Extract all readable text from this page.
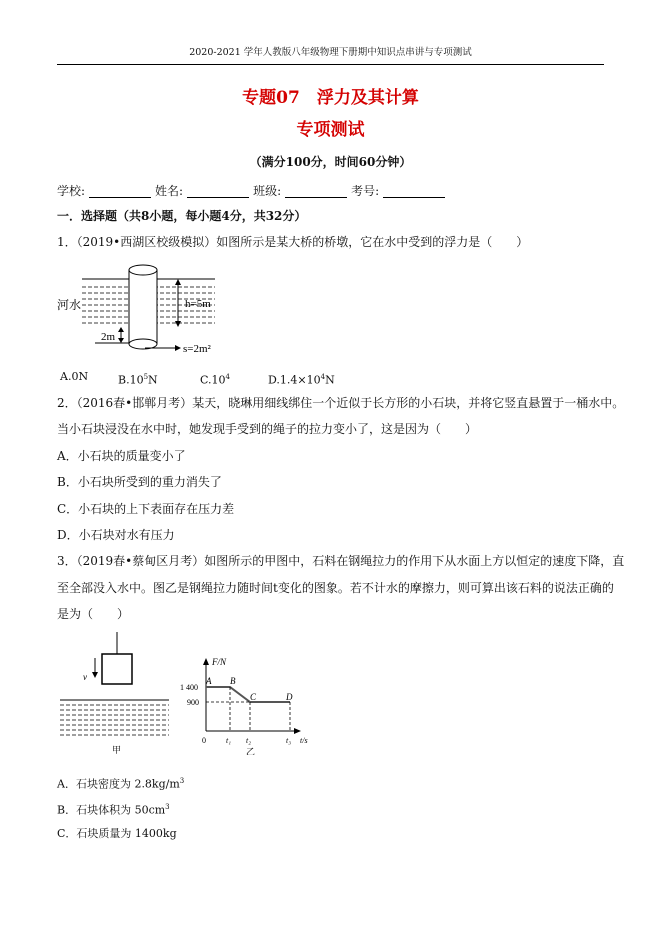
2020-2021 学年人教版八年级物理下册期中知识点串讲与专项测试
专题07　浮力及其计算
专项测试
（满分100分，时间60分钟）
学校:	姓名:	班级:	考号:
一．选择题（共8小题，每小题4分，共32分）
1．（2019•西湖区校级模拟）如图所示是某大桥的桥墩，它在水中受到的浮力是（　　）
河水	h=5m
2m
s=2m²
A.0N	$B.10^5N$	$C.10^4$	$D.1.4\times 10^4N$
2．（2016春•邯郸月考）某天，晓琳用细线绑住一个近似于长方形的小石块，并将它竖直悬置于一桶水中。
当小石块浸没在水中时，她发现手受到的绳子的拉力变小了，这是因为（　　）
A．小石块的质量变小了
B．小石块所受到的重力消失了
C．小石块的上下表面存在压力差
D．小石块对水有压力
3．（2019春•蔡甸区月考）如图所示的甲图中，石料在钢绳拉力的作用下从水面上方以恒定的速度下降，直
至全部没入水中。图乙是钢绳拉力随时间t变化的图象。若不计水的摩擦力，则可算出该石料的说法正确的
是为（　　）
v
甲
F/N
1 400
900
A B
C	D
0	t₁ t₂	t₃ t/s
乙
A．石块密度为 $2.8kg/m^3$
B．石块体积为 $50cm^3$
C．石块质量为 1400kg
